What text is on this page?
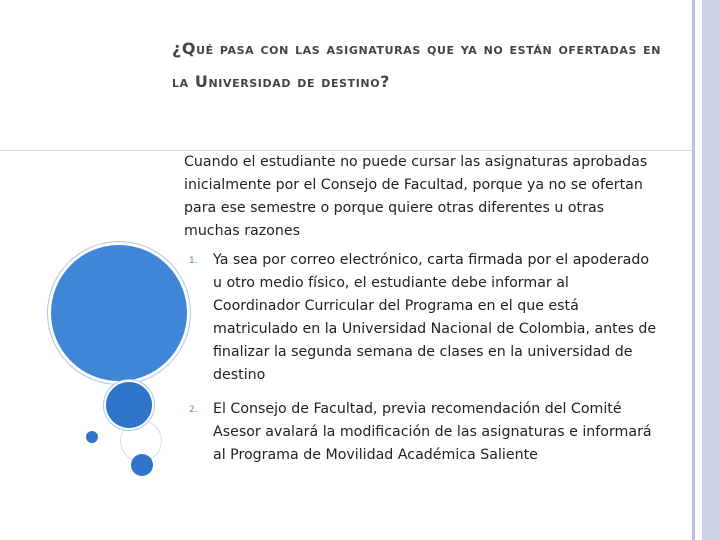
¿Qué pasa con las asignaturas que ya no están ofertadas en la Universidad de destino?

Cuando el estudiante no puede cursar las asignaturas aprobadas inicialmente por el Consejo de Facultad, porque ya no se ofertan para ese semestre o porque quiere otras diferentes u otras muchas razones

1. Ya sea por correo electrónico, carta firmada por el apoderado u otro medio físico, el estudiante debe informar al Coordinador Curricular del Programa en el que está matriculado en la Universidad Nacional de Colombia, antes de finalizar la segunda semana de clases en la universidad de destino
2. El Consejo de Facultad, previa recomendación del Comité Asesor avalará la modificación de las asignaturas e informará al Programa de Movilidad Académica Saliente
